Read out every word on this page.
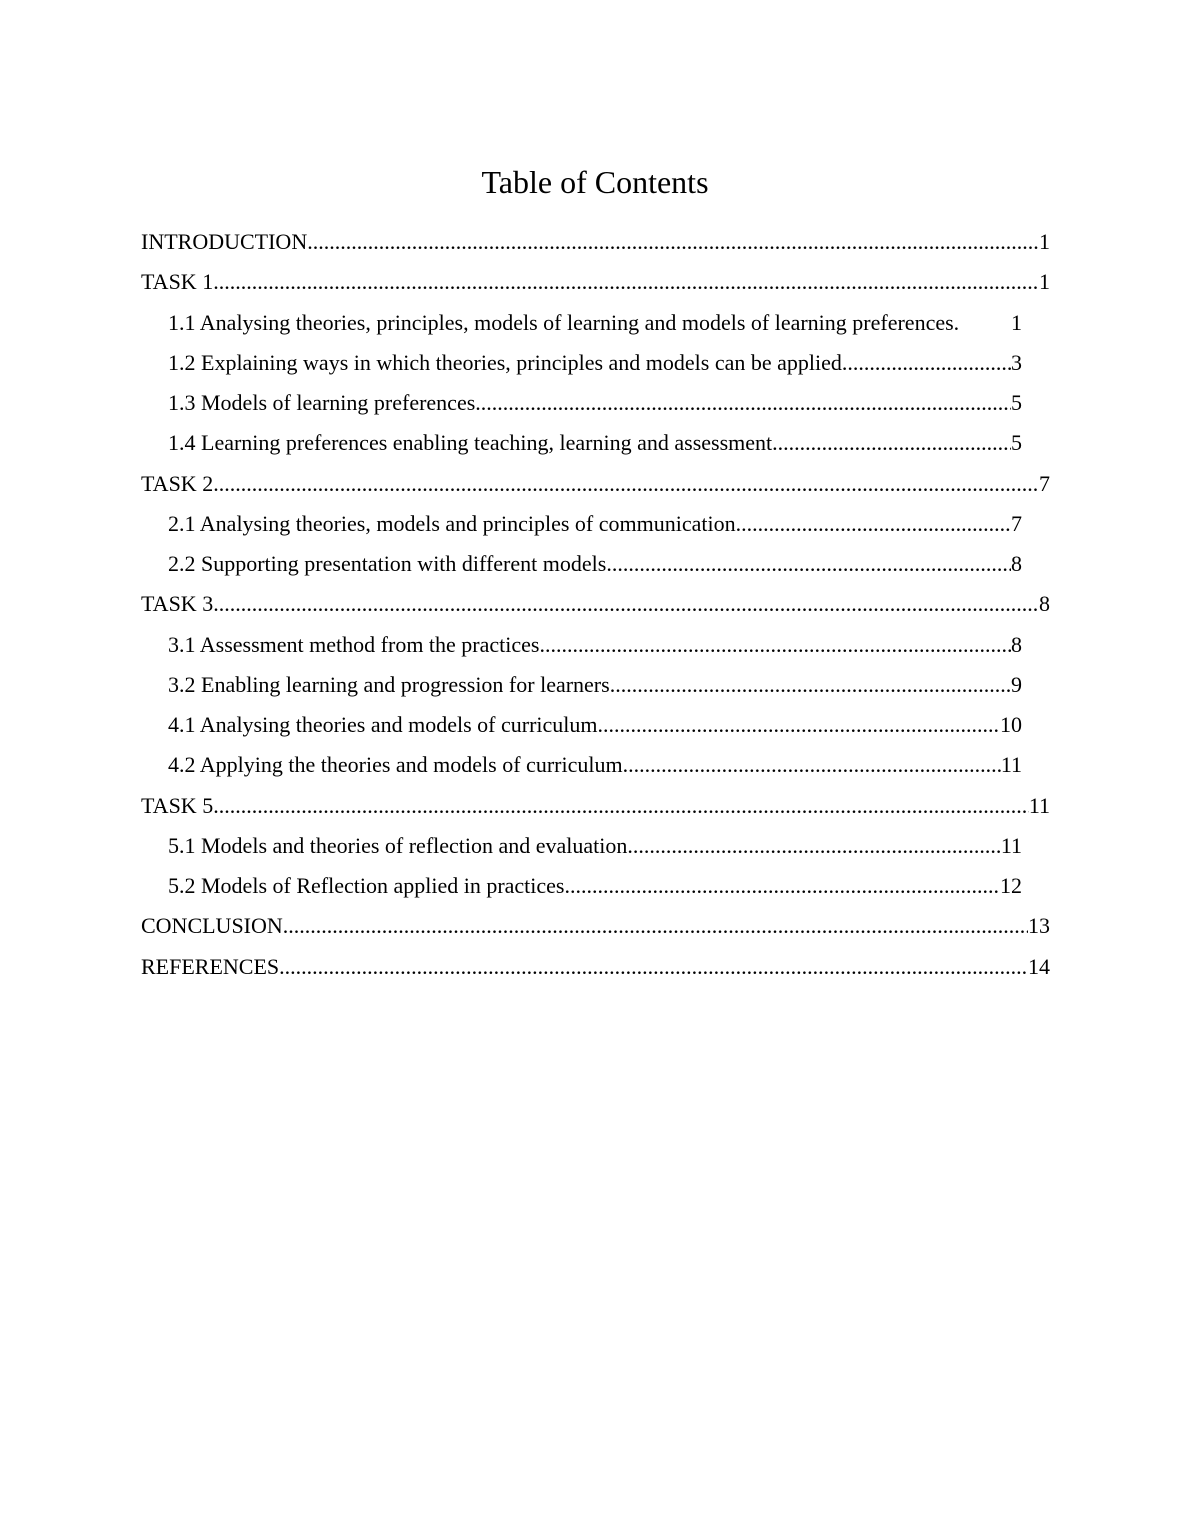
Table of Contents
INTRODUCTION .....	1
TASK 1 .....	1
1.1 Analysing theories, principles, models of learning and models of learning preferences. 1
1.2 Explaining ways in which theories, principles and models can be applied .....	3
1.3 Models of learning preferences .....	5
1.4 Learning preferences enabling teaching, learning and assessment .....	5
TASK 2 .....	7
2.1 Analysing theories, models and principles of communication .....	7
2.2 Supporting presentation with different models .....	8
TASK 3 .....	8
3.1 Assessment method from the practices .....	8
3.2 Enabling learning and progression for learners .....	9
4.1 Analysing theories and models of curriculum .....	10
4.2 Applying the theories and models of curriculum .....	11
TASK 5 .....	11
5.1 Models and theories of reflection and evaluation .....	11
5.2 Models of Reflection applied in practices .....	12
CONCLUSION .....	13
REFERENCES .....	14
